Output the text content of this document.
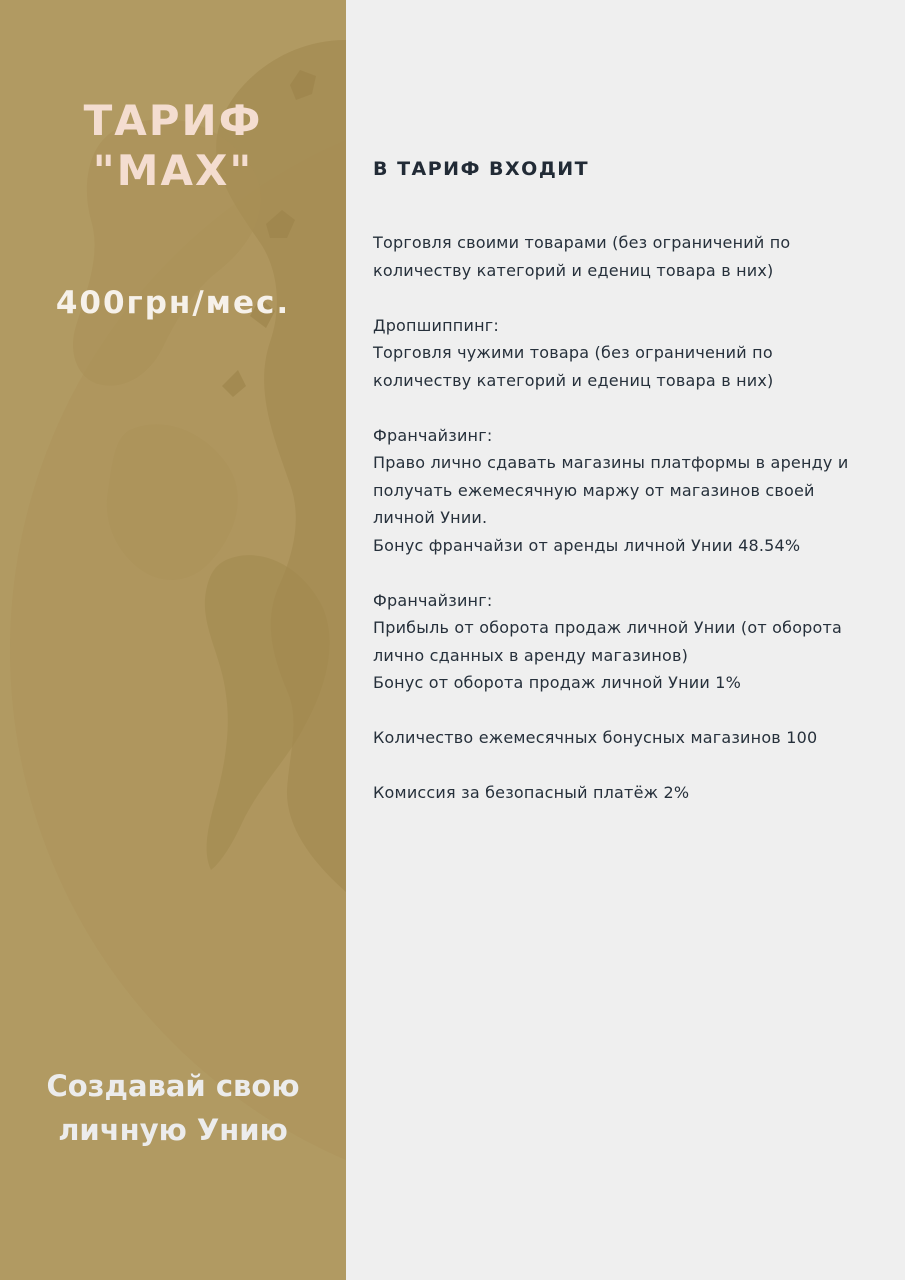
ТАРИФ
"MAX"
400грн/мес.
Создавай свою
личную Унию
В ТАРИФ ВХОДИТ
Торговля своими товарами (без ограничений по
количеству категорий и едениц товара в них)
Дропшиппинг:
Торговля чужими товара (без ограничений по
количеству категорий и едениц товара в них)
Франчайзинг:
Право лично сдавать магазины платформы в аренду и
получать ежемесячную маржу от магазинов своей
личной Унии.
Бонус франчайзи от аренды личной Унии 48.54%
Франчайзинг:
Прибыль от оборота продаж личной Унии (от оборота
лично сданных в аренду магазинов)
Бонус от оборота продаж личной Унии 1%
Количество ежемесячных бонусных магазинов 100
Комиссия за безопасный платёж 2%
